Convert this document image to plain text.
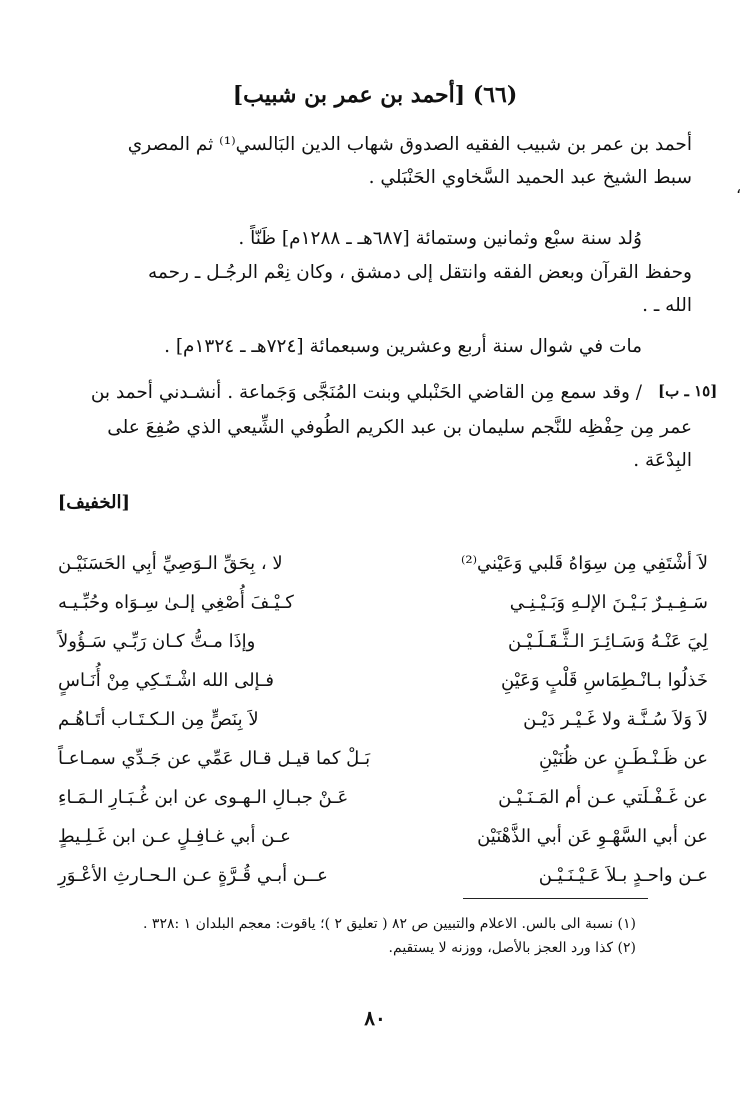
(٦٦) [أحمد بن عمر بن شبيب]
،
أحمد بن عمر بن شبيب الفقيه الصدوق شهاب الدين البَالسي⁽¹⁾ ثم المصري
سبط الشيخ عبد الحميد السَّخاوي الحَنْبَلي .
وُلد سنة سبْع وثمانين وستمائة [٦٨٧هـ ـ ١٢٨٨م] ظَنّاً .
وحفظ القرآن وبعض الفقه وانتقل إلى دمشق ، وكان نِعْم الرجُـل ـ رحمه
الله ـ .
مات في شوال سنة أربع وعشرين وسبعمائة [٧٢٤هـ ـ ١٣٢٤م] .
[١٥ ـ ب]
/ وقد سمع مِن القاضي الحَنْبلي وبنت المُنَجَّى وَجَماعة . أنشـدني أحمد بن
عمر مِن حِفْظِه للنَّجم سليمان بن عبد الكريم الطُوفي الشِّيعي الذي صُفِعَ على
البِدْعَة .
[الخفيف]
لا ، بِحَقِّ الـوَصِيِّ أبِي الحَسَنَيْـن	لاَ أشْتَفِي مِن سِوَاهُ قَلبي وَعَيْني⁽²⁾
كـيْـفَ أُصْغِي إلـىٰ سِـوَاه وحُبِّـيـه	سَـفِـيـرٌ بَـيْـنَ الإلـهِ وَبَـيْـنِـي
وإذَا مـتُّ كـان رَبِّـي سَـؤُولاً	لِيَ عَنْـهُ وَسَـائِـرَ الـثَّـقَـلَـيْـن
فـإلى الله اشْـتَـكِي مِنْ أُنَـاسٍ	خَذلُوا بـانْـطِمَاسِ قَلْبٍ وَعَيْنِ
لاَ بِنَصٍّ مِن الـكـتَـاب أتَـاهُـم	لاَ وَلاَ سُـنَّـة ولا غَـيْـر دَيْـن
بَـلْ كما قيـل قـال عَمِّي عن جَـدِّي سمـاعـاً	عن ظَـنْـطَـنٍ عن ظُنَيْنِ
عَـنْ جبـالِ الـهـوى عن ابن غُـبَـارِ الـمَـاءِ	عن غَـفْـلَتي عـن أم المَـنَـيْـن
عـن أبي غـافِـلٍ عـن ابن غَـلِـيطٍ	عن أبي السَّهْـوِ عَن أبي الذَّهْنَيْن
عــن أبـي قُـرَّةٍ عـن الـحـارثِ الأعْـوَرِ	عـن واحـدٍ بـلاَ عَـيْـنَـيْـن
(١) نسبة الى بالس. الاعلام والتبيين ص ٨٢ ( تعليق ٢ )؛ ياقوت: معجم البلدان ١ :٣٢٨ .
(٢) كذا ورد العجز بالأصل، ووزنه لا يستقيم.
٨٠
